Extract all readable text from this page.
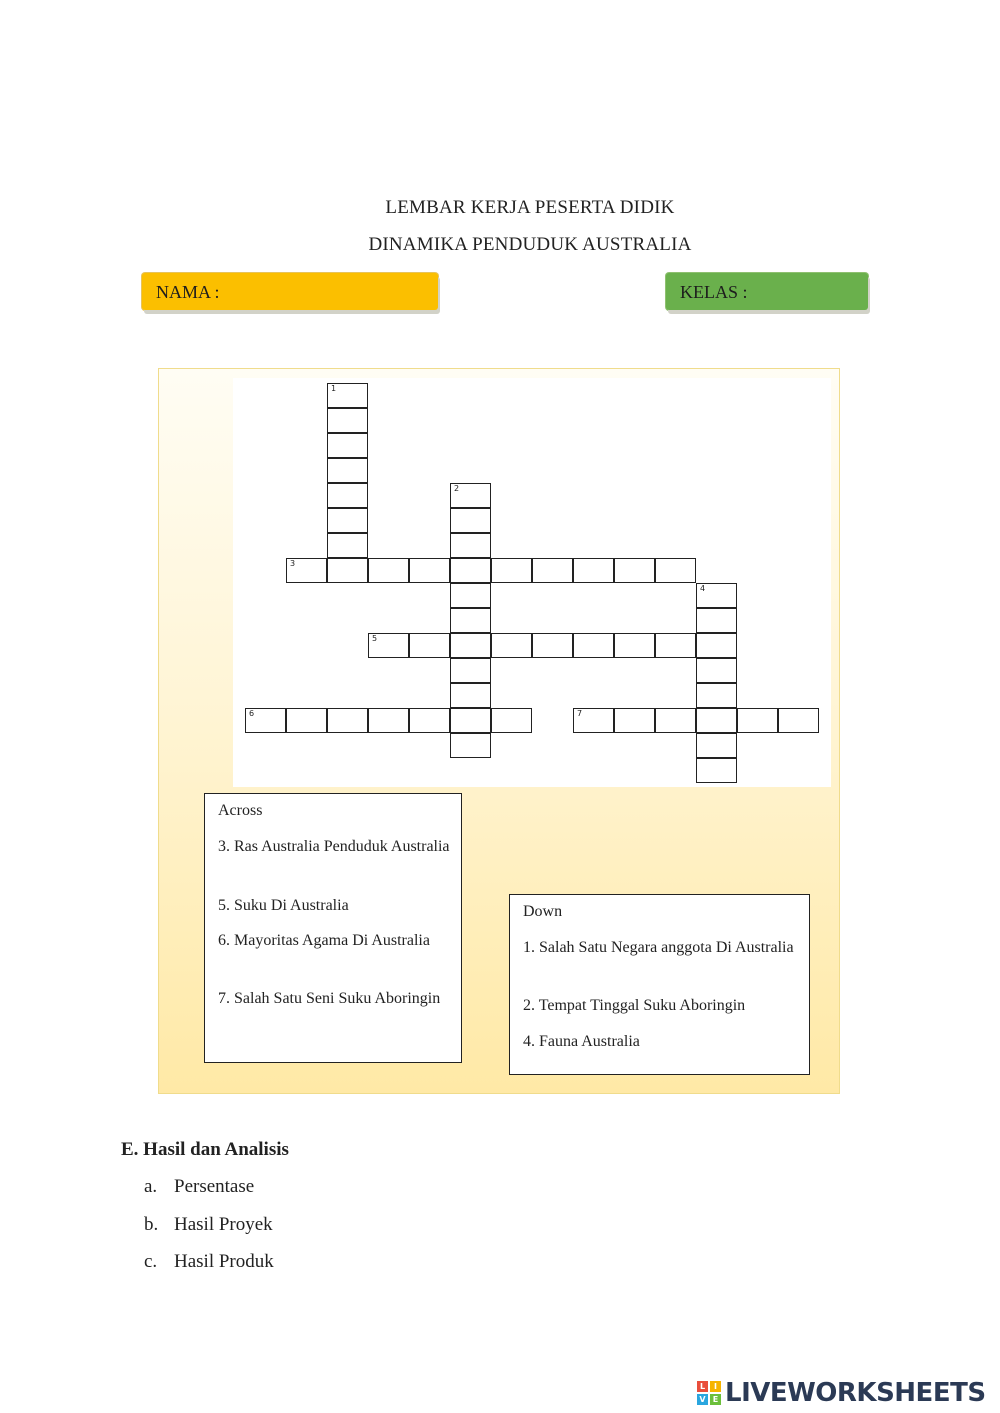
LEMBAR KERJA PESERTA DIDIK
DINAMIKA PENDUDUK AUSTRALIA
NAMA :	KELAS :
1
2
3
4
5
6	7
Across
3. Ras Australia Penduduk Australia
5. Suku Di Australia
6. Mayoritas Agama Di Australia
7. Salah Satu Seni Suku Aboringin
Down
1. Salah Satu Negara anggota Di Australia
2. Tempat Tinggal Suku Aboringin
4. Fauna Australia
E. Hasil dan Analisis
a. Persentase
b. Hasil Proyek
c. Hasil Produk
L	I
V E LIVEWORKSHEETS
